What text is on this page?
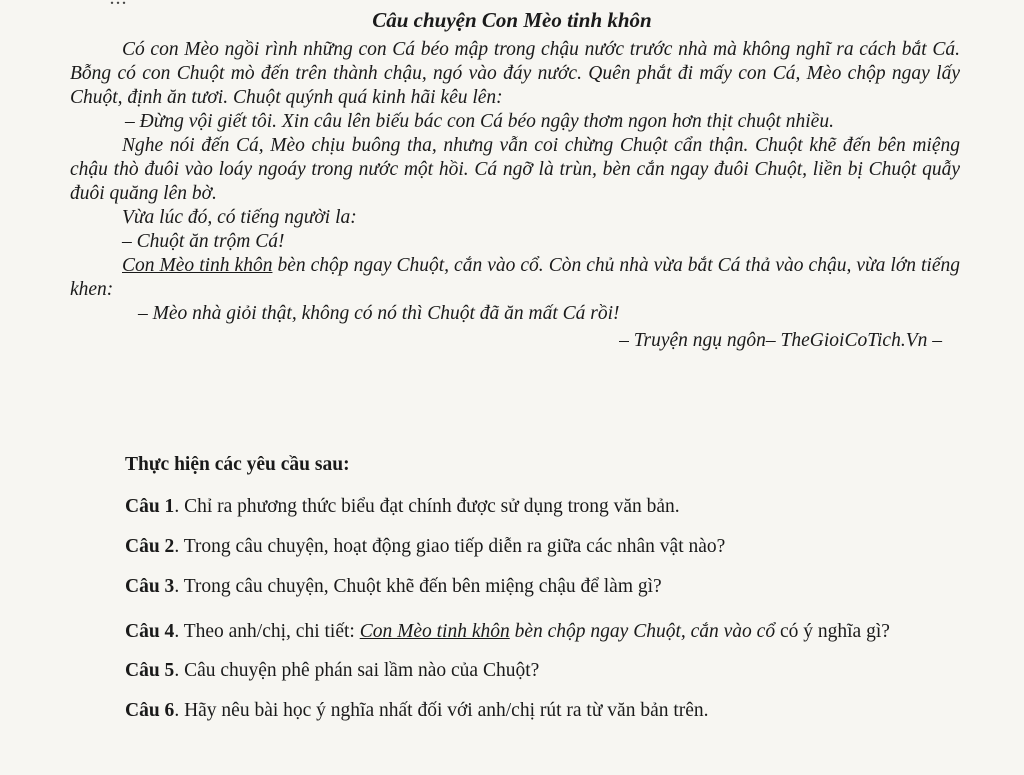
Câu chuyện Con Mèo tinh khôn

Có con Mèo ngồi rình những con Cá béo mập trong chậu nước trước nhà mà không nghĩ ra cách bắt Cá. Bỗng có con Chuột mò đến trên thành chậu, ngó vào đáy nước. Quên phắt đi mấy con Cá, Mèo chộp ngay lấy Chuột, định ăn tươi. Chuột quýnh quá kinh hãi kêu lên:

– Đừng vội giết tôi. Xin câu lên biếu bác con Cá béo ngậy thơm ngon hơn thịt chuột nhiều.

Nghe nói đến Cá, Mèo chịu buông tha, nhưng vẫn coi chừng Chuột cẩn thận. Chuột khẽ đến bên miệng chậu thò đuôi vào loáy ngoáy trong nước một hồi. Cá ngỡ là trùn, bèn cắn ngay đuôi Chuột, liền bị Chuột quẫy đuôi quăng lên bờ.

Vừa lúc đó, có tiếng người la:

– Chuột ăn trộm Cá!

Con Mèo tinh khôn bèn chộp ngay Chuột, cắn vào cổ. Còn chủ nhà vừa bắt Cá thả vào chậu, vừa lớn tiếng khen:

– Mèo nhà giỏi thật, không có nó thì Chuột đã ăn mất Cá rồi!

– Truyện ngụ ngôn– TheGioiCoTich.Vn –

Thực hiện các yêu cầu sau:

Câu 1. Chỉ ra phương thức biểu đạt chính được sử dụng trong văn bản.

Câu 2. Trong câu chuyện, hoạt động giao tiếp diễn ra giữa các nhân vật nào?

Câu 3. Trong câu chuyện, Chuột khẽ đến bên miệng chậu để làm gì?

Câu 4. Theo anh/chị, chi tiết: Con Mèo tinh khôn bèn chộp ngay Chuột, cắn vào cổ có ý nghĩa gì?

Câu 5. Câu chuyện phê phán sai lầm nào của Chuột?

Câu 6. Hãy nêu bài học ý nghĩa nhất đối với anh/chị rút ra từ văn bản trên.
